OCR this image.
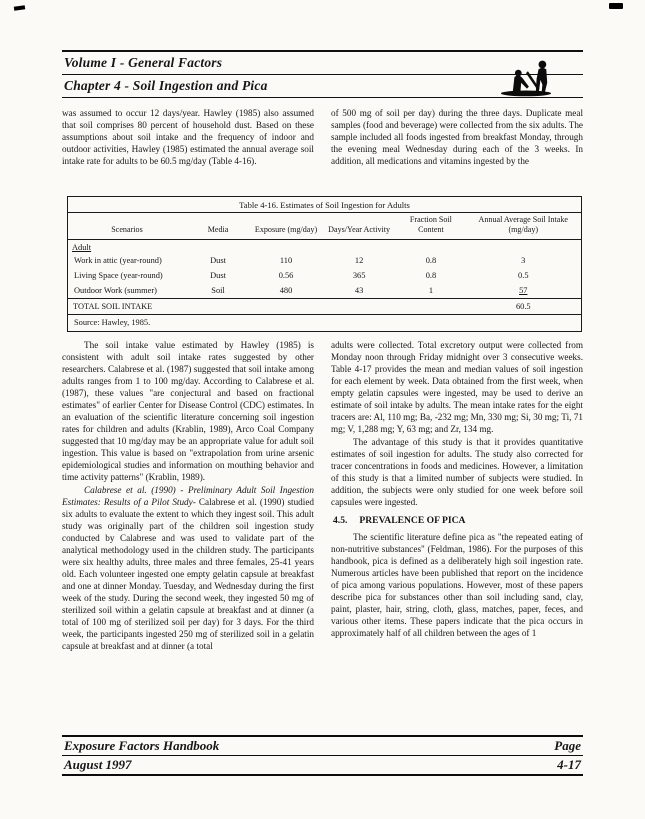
Volume I - General Factors
Chapter 4 - Soil Ingestion and Pica

was assumed to occur 12 days/year. Hawley (1985) also assumed that soil comprises 80 percent of household dust. Based on these assumptions about soil intake and the frequency of indoor and outdoor activities, Hawley (1985) estimated the annual average soil intake rate for adults to be 60.5 mg/day (Table 4-16).

of 500 mg of soil per day) during the three days. Duplicate meal samples (food and beverage) were collected from the six adults. The sample included all foods ingested from breakfast Monday, through the evening meal Wednesday during each of the 3 weeks. In addition, all medications and vitamins ingested by the

Table 4-16. Estimates of Soil Ingestion for Adults
Scenarios	Media	Exposure (mg/day)	Days/Year Activity	Fraction Soil Content	Annual Average Soil Intake (mg/day)
Adult					
Work in attic (year-round)	Dust	110	12	0.8	3
Living Space (year-round)	Dust	0.56	365	0.8	0.5
Outdoor Work (summer)	Soil	480	43	1	57
TOTAL SOIL INTAKE					60.5
Source: Hawley, 1985.					

The soil intake value estimated by Hawley (1985) is consistent with adult soil intake rates suggested by other researchers. Calabrese et al. (1987) suggested that soil intake among adults ranges from 1 to 100 mg/day. According to Calabrese et al. (1987), these values "are conjectural and based on fractional estimates" of earlier Center for Disease Control (CDC) estimates. In an evaluation of the scientific literature concerning soil ingestion rates for children and adults (Krablin, 1989), Arco Coal Company suggested that 10 mg/day may be an appropriate value for adult soil ingestion. This value is based on "extrapolation from urine arsenic epidemiological studies and information on mouthing behavior and time activity patterns" (Krablin, 1989).

Calabrese et al. (1990) - Preliminary Adult Soil Ingestion Estimates: Results of a Pilot Study- Calabrese et al. (1990) studied six adults to evaluate the extent to which they ingest soil. This adult study was originally part of the children soil ingestion study conducted by Calabrese and was used to validate part of the analytical methodology used in the children study. The participants were six healthy adults, three males and three females, 25-41 years old. Each volunteer ingested one empty gelatin capsule at breakfast and one at dinner Monday. Tuesday, and Wednesday during the first week of the study. During the second week, they ingested 50 mg of sterilized soil within a gelatin capsule at breakfast and at dinner (a total of 100 mg of sterilized soil per day) for 3 days. For the third week, the participants ingested 250 mg of sterilized soil in a gelatin capsule at breakfast and at dinner (a total

adults were collected. Total excretory output were collected from Monday noon through Friday midnight over 3 consecutive weeks. Table 4-17 provides the mean and median values of soil ingestion for each element by week. Data obtained from the first week, when empty gelatin capsules were ingested, may be used to derive an estimate of soil intake by adults. The mean intake rates for the eight tracers are: Al, 110 mg; Ba, -232 mg; Mn, 330 mg; Si, 30 mg; Ti, 71 mg; V, 1,288 mg; Y, 63 mg; and Zr, 134 mg.

The advantage of this study is that it provides quantitative estimates of soil ingestion for adults. The study also corrected for tracer concentrations in foods and medicines. However, a limitation of this study is that a limited number of subjects were studied. In addition, the subjects were only studied for one week before soil capsules were ingested.

4.5. PREVALENCE OF PICA

The scientific literature define pica as "the repeated eating of non-nutritive substances" (Feldman, 1986). For the purposes of this handbook, pica is defined as a deliberately high soil ingestion rate. Numerous articles have been published that report on the incidence of pica among various populations. However, most of these papers describe pica for substances other than soil including sand, clay, paint, plaster, hair, string, cloth, glass, matches, paper, feces, and various other items. These papers indicate that the pica occurs in approximately half of all children between the ages of 1

Exposure Factors Handbook	Page
August 1997	4-17
